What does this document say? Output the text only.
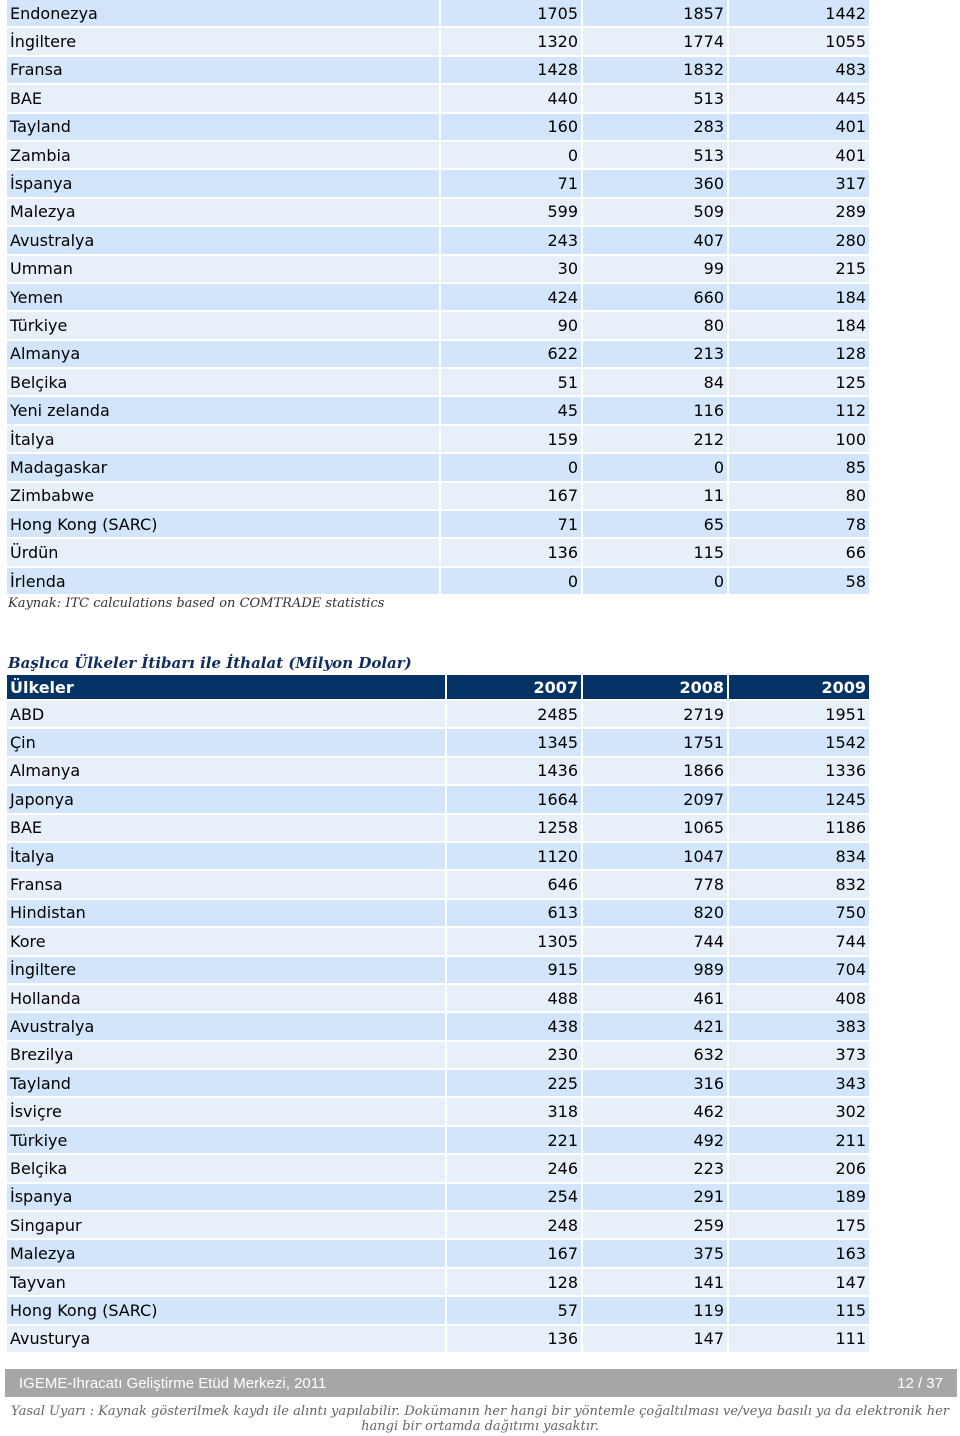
Endonezya	1705	1857	1442
İngiltere	1320	1774	1055
Fransa	1428	1832	483
BAE	440	513	445
Tayland	160	283	401
Zambia	0	513	401
İspanya	71	360	317
Malezya	599	509	289
Avustralya	243	407	280
Umman	30	99	215
Yemen	424	660	184
Türkiye	90	80	184
Almanya	622	213	128
Belçika	51	84	125
Yeni zelanda	45	116	112
İtalya	159	212	100
Madagaskar	0	0	85
Zimbabwe	167	11	80
Hong Kong (SARC)	71	65	78
Ürdün	136	115	66
İrlenda	0	0	58
Kaynak: ITC calculations based on COMTRADE statistics
Başlıca Ülkeler İtibarı ile İthalat (Milyon Dolar)
Ülkeler	2007	2008	2009
ABD	2485	2719	1951
Çin	1345	1751	1542
Almanya	1436	1866	1336
Japonya	1664	2097	1245
BAE	1258	1065	1186
İtalya	1120	1047	834
Fransa	646	778	832
Hindistan	613	820	750
Kore	1305	744	744
İngiltere	915	989	704
Hollanda	488	461	408
Avustralya	438	421	383
Brezilya	230	632	373
Tayland	225	316	343
İsviçre	318	462	302
Türkiye	221	492	211
Belçika	246	223	206
İspanya	254	291	189
Singapur	248	259	175
Malezya	167	375	163
Tayvan	128	141	147
Hong Kong (SARC)	57	119	115
Avusturya	136	147	111
IGEME-Ihracatı Geliştirme Etüd Merkezi, 2011	12 / 37
Yasal Uyarı : Kaynak gösterilmek kaydı ile alıntı yapılabilir. Dokümanın her hangi bir yöntemle çoğaltılması ve/veya basılı ya da elektronik her hangi bir ortamda dağıtımı yasaktır.
